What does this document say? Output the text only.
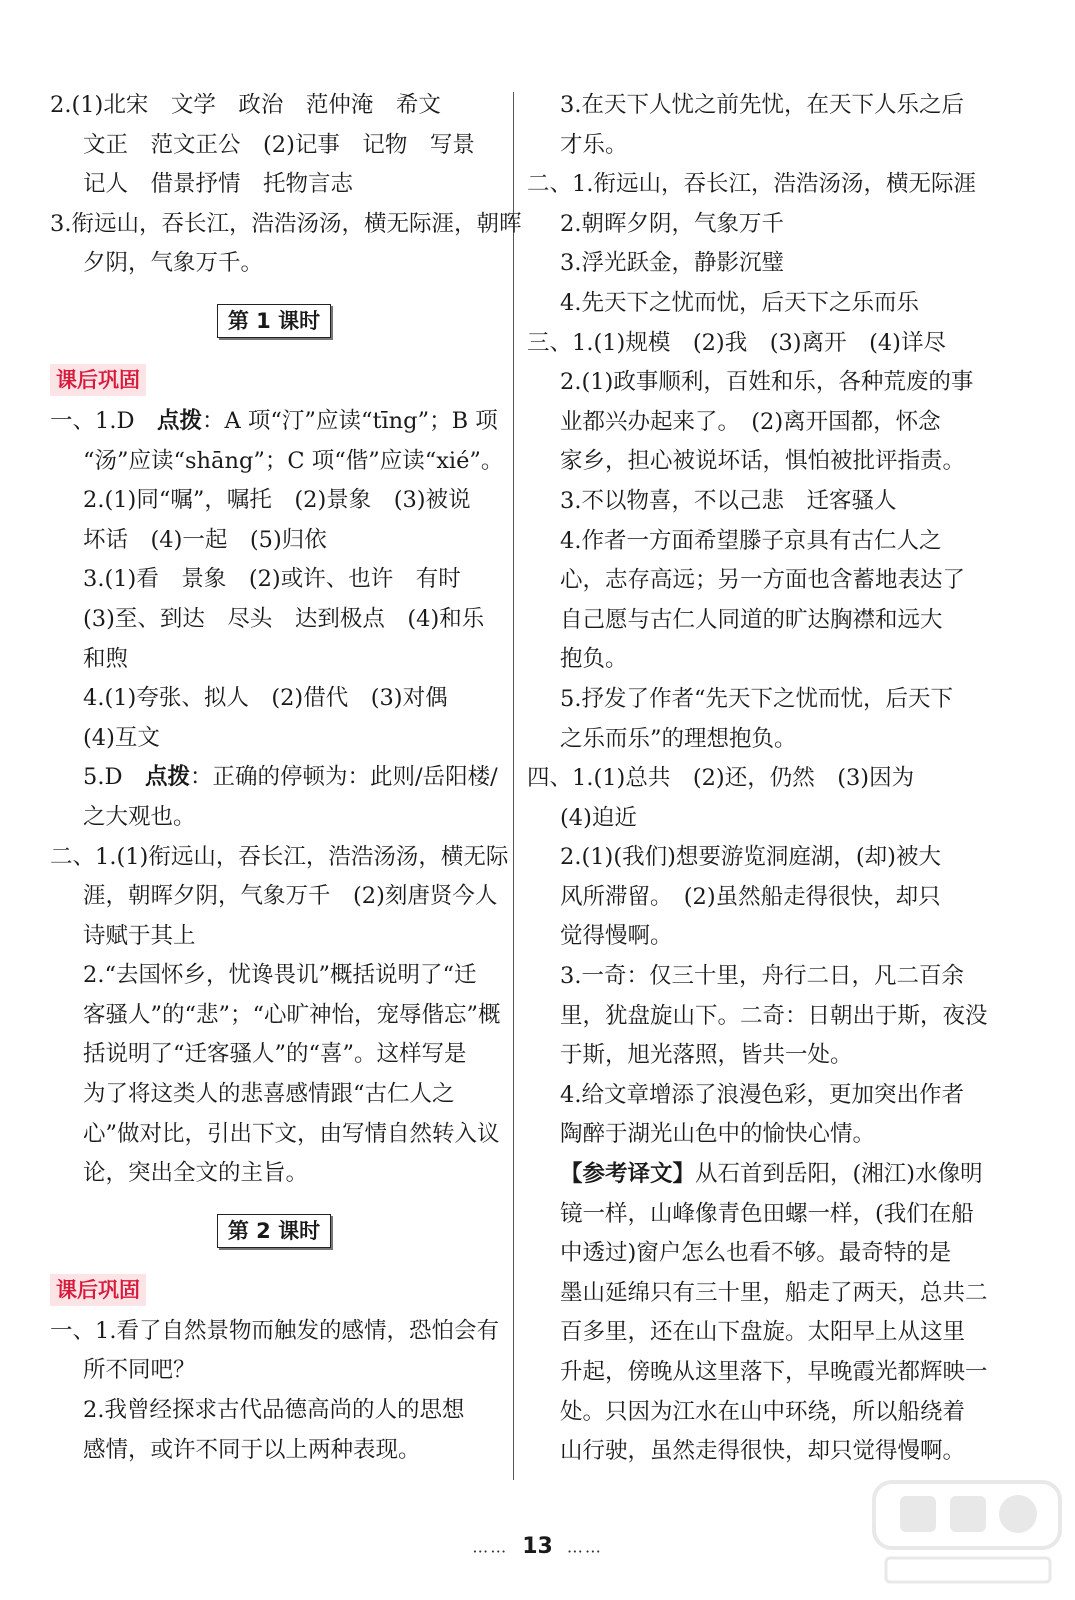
2.(1)北宋　文学　政治　范仲淹　希文
文正　范文正公　(2)记事　记物　写景
记人　借景抒情　托物言志
3.衔远山，吞长江，浩浩汤汤，横无际涯，朝晖
夕阴，气象万千。
第 1 课时
课后巩固
一、1.D　点拨：A 项“汀”应读“tīng”；B 项
“汤”应读“shāng”；C 项“偕”应读“xié”。
2.(1)同“嘱”，嘱托　(2)景象　(3)被说
坏话　(4)一起　(5)归依
3.(1)看　景象　(2)或许、也许　有时
(3)至、到达　尽头　达到极点　(4)和乐
和煦
4.(1)夸张、拟人　(2)借代　(3)对偶
(4)互文
5.D　点拨：正确的停顿为：此则/岳阳楼/
之大观也。
二、1.(1)衔远山，吞长江，浩浩汤汤，横无际
涯，朝晖夕阴，气象万千　(2)刻唐贤今人
诗赋于其上
2.“去国怀乡，忧谗畏讥”概括说明了“迁
客骚人”的“悲”；“心旷神怡，宠辱偕忘”概
括说明了“迁客骚人”的“喜”。这样写是
为了将这类人的悲喜感情跟“古仁人之
心”做对比，引出下文，由写情自然转入议
论，突出全文的主旨。
第 2 课时
课后巩固
一、1.看了自然景物而触发的感情，恐怕会有
所不同吧？
2.我曾经探求古代品德高尚的人的思想
感情，或许不同于以上两种表现。
3.在天下人忧之前先忧，在天下人乐之后
才乐。
二、1.衔远山，吞长江，浩浩汤汤，横无际涯
2.朝晖夕阴，气象万千
3.浮光跃金，静影沉璧
4.先天下之忧而忧，后天下之乐而乐
三、1.(1)规模　(2)我　(3)离开　(4)详尽
2.(1)政事顺利，百姓和乐，各种荒废的事
业都兴办起来了。　(2)离开国都，怀念
家乡，担心被说坏话，惧怕被批评指责。
3.不以物喜，不以己悲　迁客骚人
4.作者一方面希望滕子京具有古仁人之
心，志存高远；另一方面也含蓄地表达了
自己愿与古仁人同道的旷达胸襟和远大
抱负。
5.抒发了作者“先天下之忧而忧，后天下
之乐而乐”的理想抱负。
四、1.(1)总共　(2)还，仍然　(3)因为
(4)迫近
2.(1)(我们)想要游览洞庭湖，(却)被大
风所滞留。　(2)虽然船走得很快，却只
觉得慢啊。
3.一奇：仅三十里，舟行二日，凡二百余
里，犹盘旋山下。二奇：日朝出于斯，夜没
于斯，旭光落照，皆共一处。
4.给文章增添了浪漫色彩，更加突出作者
陶醉于湖光山色中的愉快心情。
【参考译文】从石首到岳阳，(湘江)水像明
镜一样，山峰像青色田螺一样，(我们在船
中透过)窗户怎么也看不够。最奇特的是
墨山延绵只有三十里，船走了两天，总共二
百多里，还在山下盘旋。太阳早上从这里
升起，傍晚从这里落下，早晚霞光都辉映一
处。只因为江水在山中环绕，所以船绕着
山行驶，虽然走得很快，却只觉得慢啊。
…… 13 ……
